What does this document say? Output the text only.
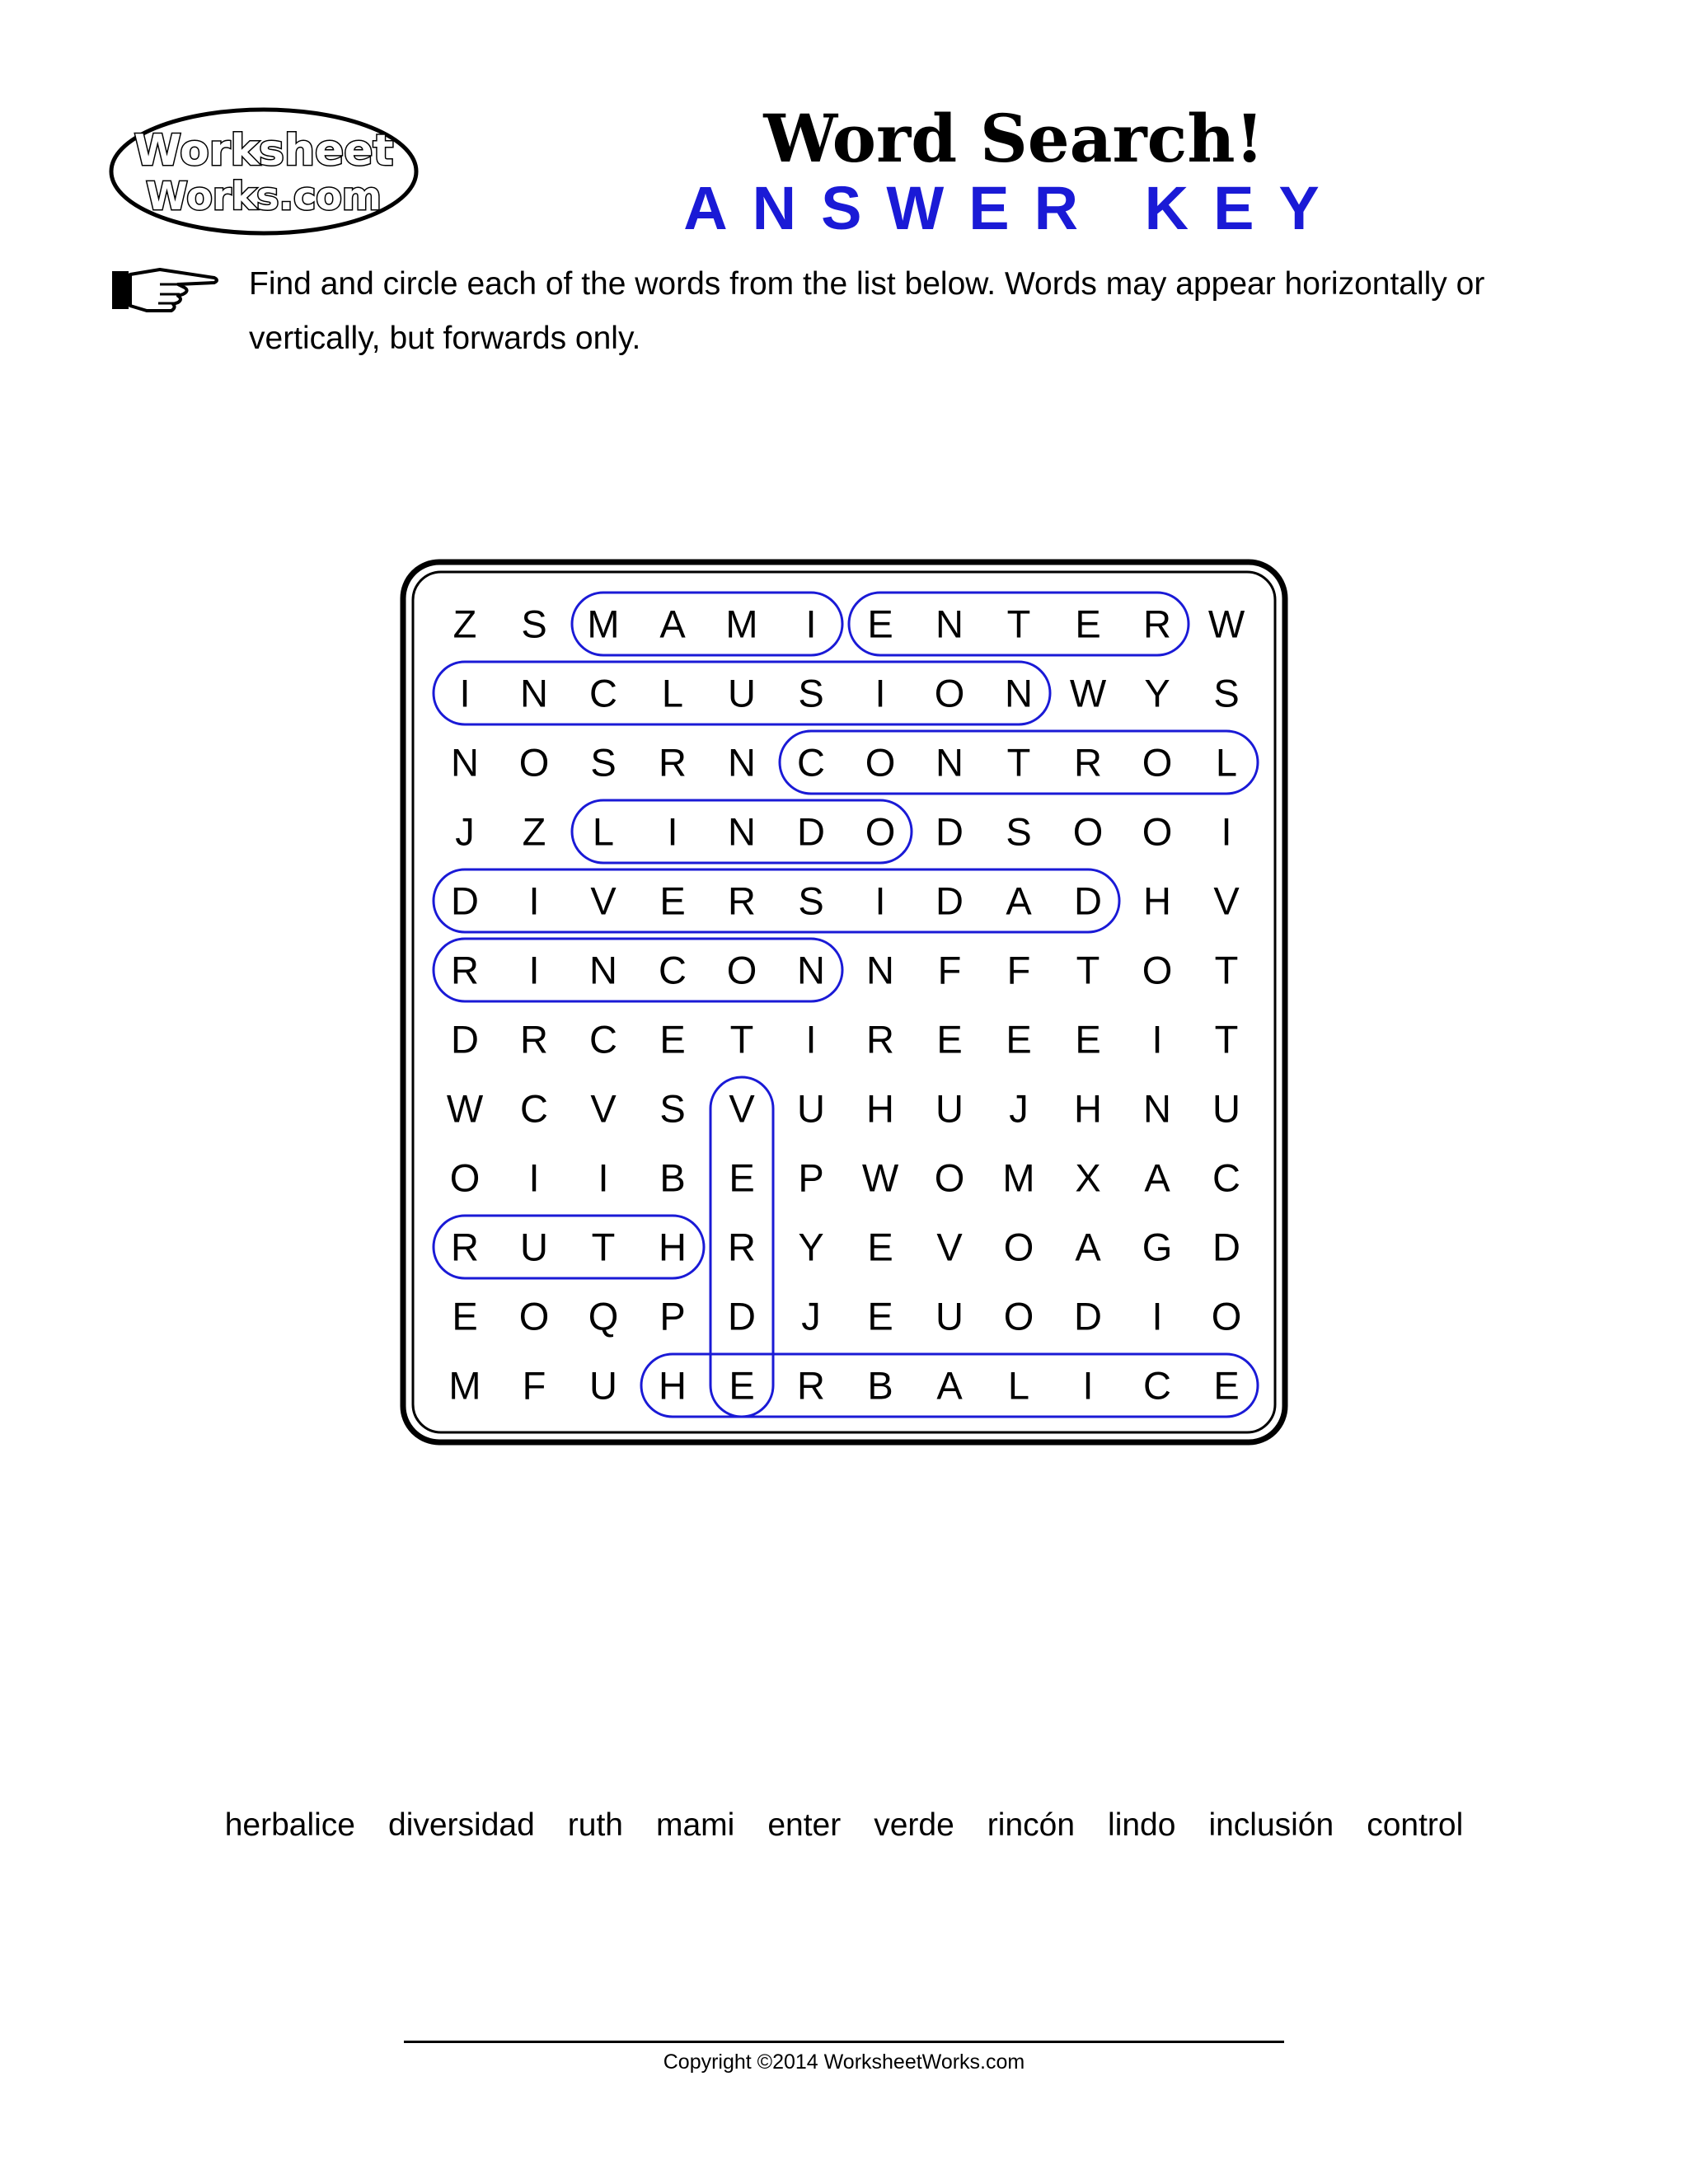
Worksheet
Works.com
Word Search!
ANSWER KEY

Find and circle each of the words from the list below. Words may appear horizontally or vertically, but forwards only.

Z S M A M I E N T E R W
I N C L U S I O N W Y S
N O S R N C O N T R O L
J Z L I N D O D S O O I
D I V E R S I D A D H V
R I N C O N N F F T O T
D R C E T I R E E E I T
W C V S V U H U J H N U
O I I B E P W O M X A C
R U T H R Y E V O A G D
E O Q P D J E U O D I O
M F U H E R B A L I C E
herbalice diversidad ruth mami enter verde rincón lindo inclusión control
Copyright ©2014 WorksheetWorks.com
